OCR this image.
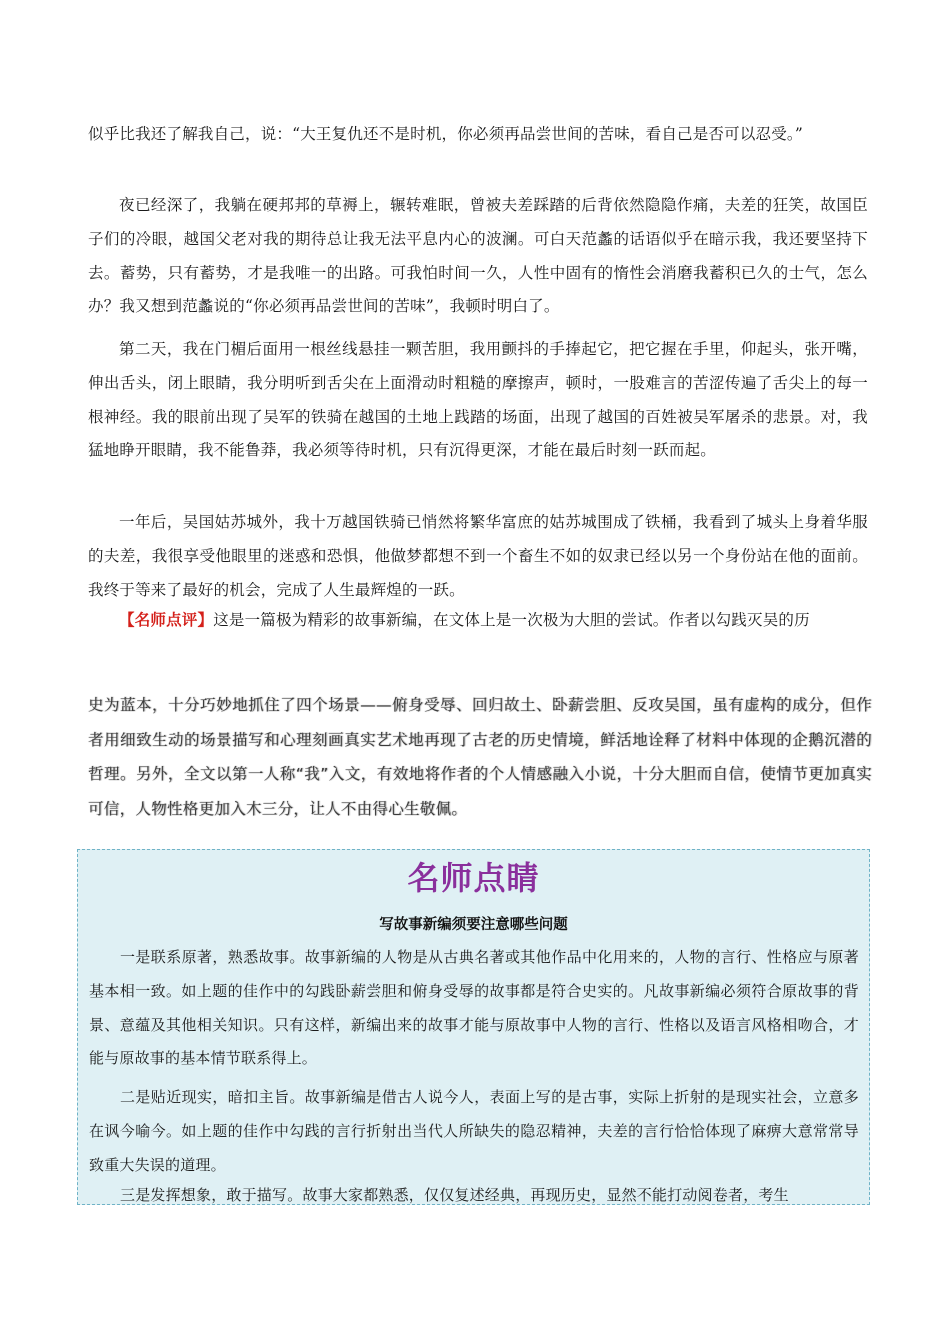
似乎比我还了解我自己，说：“大王复仇还不是时机，你必须再品尝世间的苦味，看自己是否可以忍受。”

夜已经深了，我躺在硬邦邦的草褥上，辗转难眠，曾被夫差踩踏的后背依然隐隐作痛，夫差的狂笑，故国臣子们的冷眼，越国父老对我的期待总让我无法平息内心的波澜。可白天范蠡的话语似乎在暗示我，我还要坚持下去。蓄势，只有蓄势，才是我唯一的出路。可我怕时间一久，人性中固有的惰性会消磨我蓄积已久的士气，怎么办？我又想到范蠡说的“你必须再品尝世间的苦味”，我顿时明白了。

第二天，我在门楣后面用一根丝线悬挂一颗苦胆，我用颤抖的手捧起它，把它握在手里，仰起头，张开嘴，伸出舌头，闭上眼睛，我分明听到舌尖在上面滑动时粗糙的摩擦声，顿时，一股难言的苦涩传遍了舌尖上的每一根神经。我的眼前出现了吴军的铁骑在越国的土地上践踏的场面，出现了越国的百姓被吴军屠杀的悲景。对，我猛地睁开眼睛，我不能鲁莽，我必须等待时机，只有沉得更深，才能在最后时刻一跃而起。

一年后，吴国姑苏城外，我十万越国铁骑已悄然将繁华富庶的姑苏城围成了铁桶，我看到了城头上身着华服的夫差，我很享受他眼里的迷惑和恐惧，他做梦都想不到一个畜生不如的奴隶已经以另一个身份站在他的面前。我终于等来了最好的机会，完成了人生最辉煌的一跃。

【名师点评】这是一篇极为精彩的故事新编，在文体上是一次极为大胆的尝试。作者以勾践灭吴的历

史为蓝本，十分巧妙地抓住了四个场景——俯身受辱、回归故土、卧薪尝胆、反攻吴国，虽有虚构的成分，但作者用细致生动的场景描写和心理刻画真实艺术地再现了古老的历史情境，鲜活地诠释了材料中体现的企鹅沉潜的哲理。另外，全文以第一人称“我”入文，有效地将作者的个人情感融入小说，十分大胆而自信，使情节更加真实可信，人物性格更加入木三分，让人不由得心生敬佩。

名师点睛
写故事新编须要注意哪些问题

一是联系原著，熟悉故事。故事新编的人物是从古典名著或其他作品中化用来的，人物的言行、性格应与原著基本相一致。如上题的佳作中的勾践卧薪尝胆和俯身受辱的故事都是符合史实的。凡故事新编必须符合原故事的背景、意蕴及其他相关知识。只有这样，新编出来的故事才能与原故事中人物的言行、性格以及语言风格相吻合，才能与原故事的基本情节联系得上。

二是贴近现实，暗扣主旨。故事新编是借古人说今人，表面上写的是古事，实际上折射的是现实社会，立意多在讽今喻今。如上题的佳作中勾践的言行折射出当代人所缺失的隐忍精神，夫差的言行恰恰体现了麻痹大意常常导致重大失误的道理。

三是发挥想象，敢于描写。故事大家都熟悉，仅仅复述经典，再现历史，显然不能打动阅卷者，考生
